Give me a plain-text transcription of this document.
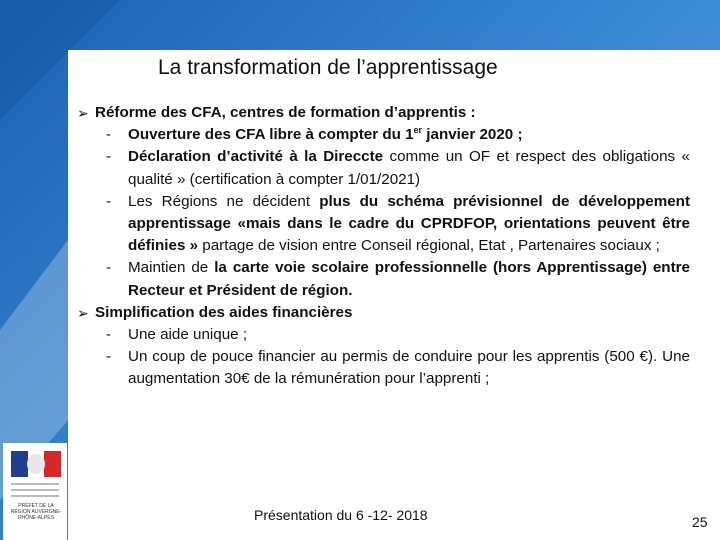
La transformation de l’apprentissage
➢ Réforme des CFA, centres de formation d’apprentis :
- Ouverture des CFA libre à compter du 1er janvier 2020 ;
- Déclaration d’activité à la Direccte comme un OF et respect des obligations « qualité » (certification à compter 1/01/2021)
- Les Régions ne décident plus du schéma prévisionnel de développement apprentissage «mais dans le cadre du CPRDFOP, orientations peuvent être définies » partage de vision entre Conseil régional, Etat , Partenaires sociaux ;
- Maintien de la carte voie scolaire professionnelle (hors Apprentissage) entre Recteur et Président de région.
➢ Simplification des aides financières
- Une aide unique ;
- Un coup de pouce financier au permis de conduire pour les apprentis (500 €). Une augmentation 30€ de la rémunération pour l’apprenti ;
PRÉFET DE LA RÉGION AUVERGNE-RHÔNE-ALPES	Présentation du 6 -12- 2018	25
